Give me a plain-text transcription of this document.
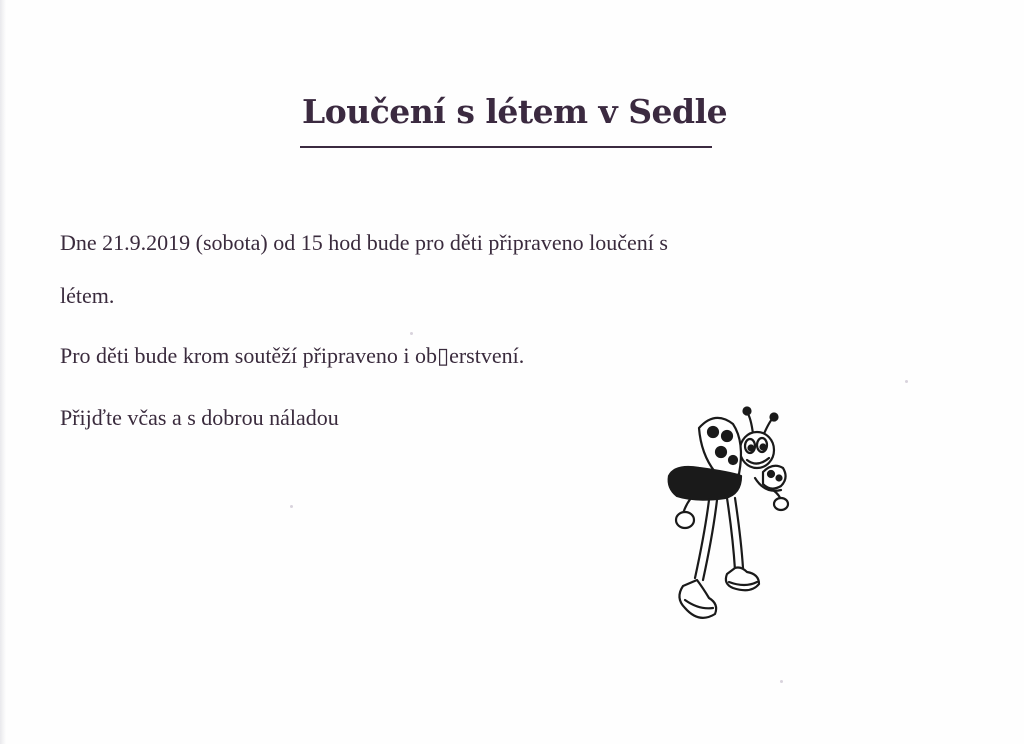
Loučení s létem v Sedle

Dne 21.9.2019 (sobota) od 15 hod bude pro děti připraveno loučení s

létem.

Pro děti bude krom soutěží připraveno i ob▯erstvení.

Přijďte včas a s dobrou náladou
